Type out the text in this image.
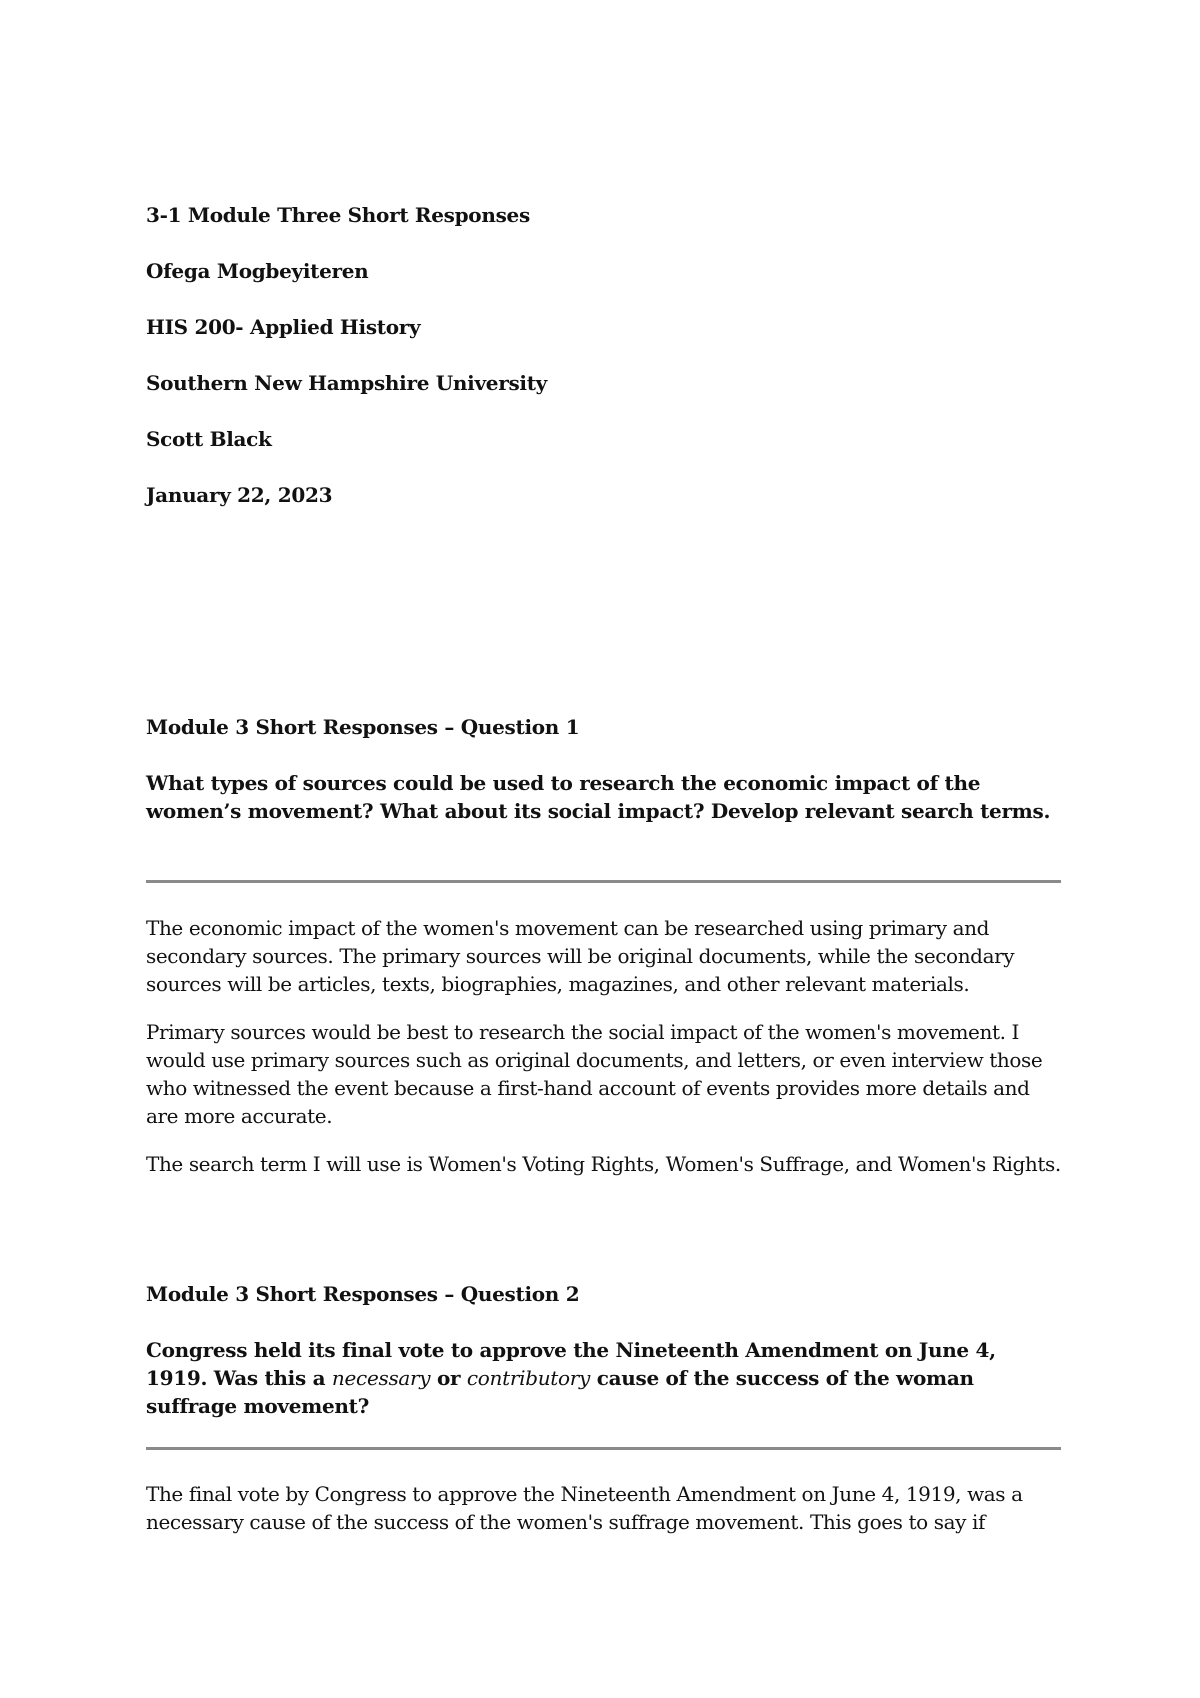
3-1 Module Three Short Responses

Ofega Mogbeyiteren

HIS 200- Applied History

Southern New Hampshire University

Scott Black

January 22, 2023

Module 3 Short Responses – Question 1

What types of sources could be used to research the economic impact of the women’s movement? What about its social impact? Develop relevant search terms.

The economic impact of the women's movement can be researched using primary and secondary sources. The primary sources will be original documents, while the secondary sources will be articles, texts, biographies, magazines, and other relevant materials.

Primary sources would be best to research the social impact of the women's movement. I would use primary sources such as original documents, and letters, or even interview those who witnessed the event because a first-hand account of events provides more details and are more accurate.

The search term I will use is Women's Voting Rights, Women's Suffrage, and Women's Rights.

Module 3 Short Responses – Question 2

Congress held its final vote to approve the Nineteenth Amendment on June 4, 1919. Was this a necessary or contributory cause of the success of the woman suffrage movement?

The final vote by Congress to approve the Nineteenth Amendment on June 4, 1919, was a necessary cause of the success of the women's suffrage movement. This goes to say if
